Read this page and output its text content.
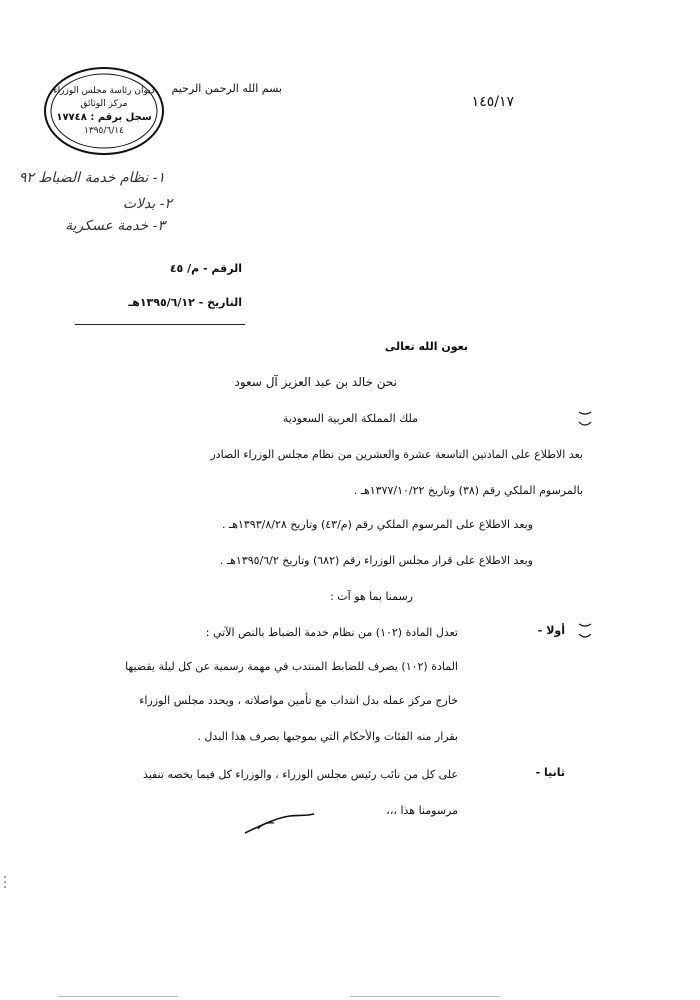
ديوان رئاسة مجلس الوزراء
مركز الوثائق
سجل برقم : ١٧٧٤٨
١٣٩٥/٦/١٤
بسم الله الرحمن الرحيم
١٤٥/١٧
١- نظام خدمة الضباط ٩٢
٢- بدلات
٣- خدمة عسكرية
الرقم - م/ ٤٥
التاريخ - ١٣٩٥/٦/١٢هـ
بعون الله تعالى
نحن خالد بن عبد العزيز آل سعود
ملك المملكة العربية السعودية
بعد الاطلاع على المادتين التاسعة عشرة والعشرين من نظام مجلس الوزراء الصادر
بالمرسوم الملكي رقم (٣٨) وتاريخ ١٣٧٧/١٠/٢٢هـ .
وبعد الاطلاع على المرسوم الملكي رقم (م/٤٣) وتاريخ ١٣٩٣/٨/٢٨هـ .
وبعد الاطلاع على قرار مجلس الوزراء رقم (٦٨٢) وتاريخ ١٣٩٥/٦/٢هـ .
رسمنا بما هو آت :
أولا -
تعدل المادة (١٠٢) من نظام خدمة الضباط بالنص الآتي :
المادة (١٠٢) يصرف للضابط المنتدب في مهمة رسمية عن كل ليلة يقضيها
خارج مركز عمله بدل انتداب مع تأمين مواصلاته ، ويحدد مجلس الوزراء
بقرار منه الفئات والأحكام التي بموجبها يصرف هذا البدل .
ثانيا -
على كل من نائب رئيس مجلس الوزراء ، والوزراء كل فيما يخصه تنفيذ
مرسومنا هذا ،،،
